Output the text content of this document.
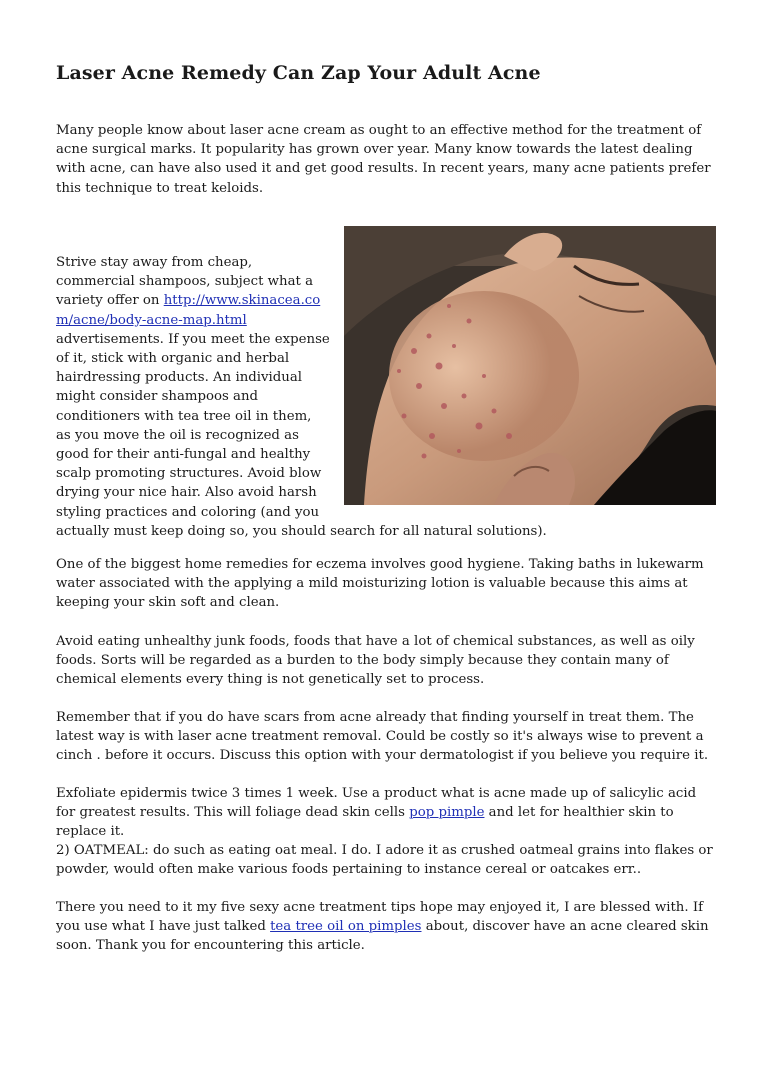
Laser Acne Remedy Can Zap Your Adult Acne

Many people know about laser acne cream as ought to an effective method for the treatment of acne surgical marks. It popularity has grown over year. Many know towards the latest dealing with acne, can have also used it and get good results. In recent years, many acne patients prefer this technique to treat keloids.

Strive stay away from cheap, commercial shampoos, subject what a variety offer on http://www.skinacea.com/acne/body-acne-map.html advertisements. If you meet the expense of it, stick with organic and herbal hairdressing products. An individual might consider shampoos and conditioners with tea tree oil in them, as you move the oil is recognized as good for their anti-fungal and healthy scalp promoting structures. Avoid blow drying your nice hair. Also avoid harsh styling practices and coloring (and you actually must keep doing so, you should search for all natural solutions).

One of the biggest home remedies for eczema involves good hygiene. Taking baths in lukewarm water associated with the applying a mild moisturizing lotion is valuable because this aims at keeping your skin soft and clean.

Avoid eating unhealthy junk foods, foods that have a lot of chemical substances, as well as oily foods. Sorts will be regarded as a burden to the body simply because they contain many of chemical elements every thing is not genetically set to process.

Remember that if you do have scars from acne already that finding yourself in treat them. The latest way is with laser acne treatment removal. Could be costly so it's always wise to prevent a cinch . before it occurs. Discuss this option with your dermatologist if you believe you require it.

Exfoliate epidermis twice 3 times 1 week. Use a product what is acne made up of salicylic acid for greatest results. This will foliage dead skin cells pop pimple and let for healthier skin to replace it.

2) OATMEAL: do such as eating oat meal. I do. I adore it as crushed oatmeal grains into flakes or powder, would often make various foods pertaining to instance cereal or oatcakes err..

There you need to it my five sexy acne treatment tips hope may enjoyed it, I are blessed with. If you use what I have just talked tea tree oil on pimples about, discover have an acne cleared skin soon. Thank you for encountering this article.
